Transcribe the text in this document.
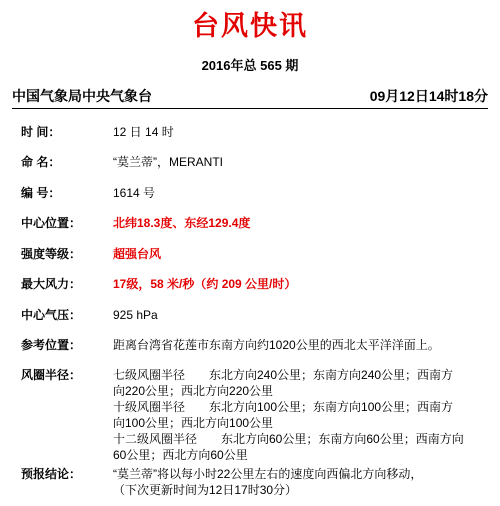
台风快讯
2016年总 565 期
中国气象局中央气象台	09月12日14时18分
时 间：	12 日 14 时
命 名：	“莫兰蒂”，MERANTI
编 号：	1614 号
中心位置：	北纬18.3度、东经129.4度
强度等级：	超强台风
最大风力：	17级，58 米/秒（约 209 公里/时）
中心气压：	925 hPa
参考位置：	距离台湾省花莲市东南方向约1020公里的西北太平洋洋面上。
风圈半径：	七级风圈半径　　东北方向240公里；东南方向240公里；西南方
向220公里；西北方向220公里
十级风圈半径　　东北方向100公里；东南方向100公里；西南方
向100公里；西北方向100公里
十二级风圈半径　　东北方向60公里；东南方向60公里；西南方向
60公里；西北方向60公里
预报结论：	“莫兰蒂”将以每小时22公里左右的速度向西偏北方向移动，
（下次更新时间为12日17时30分）
